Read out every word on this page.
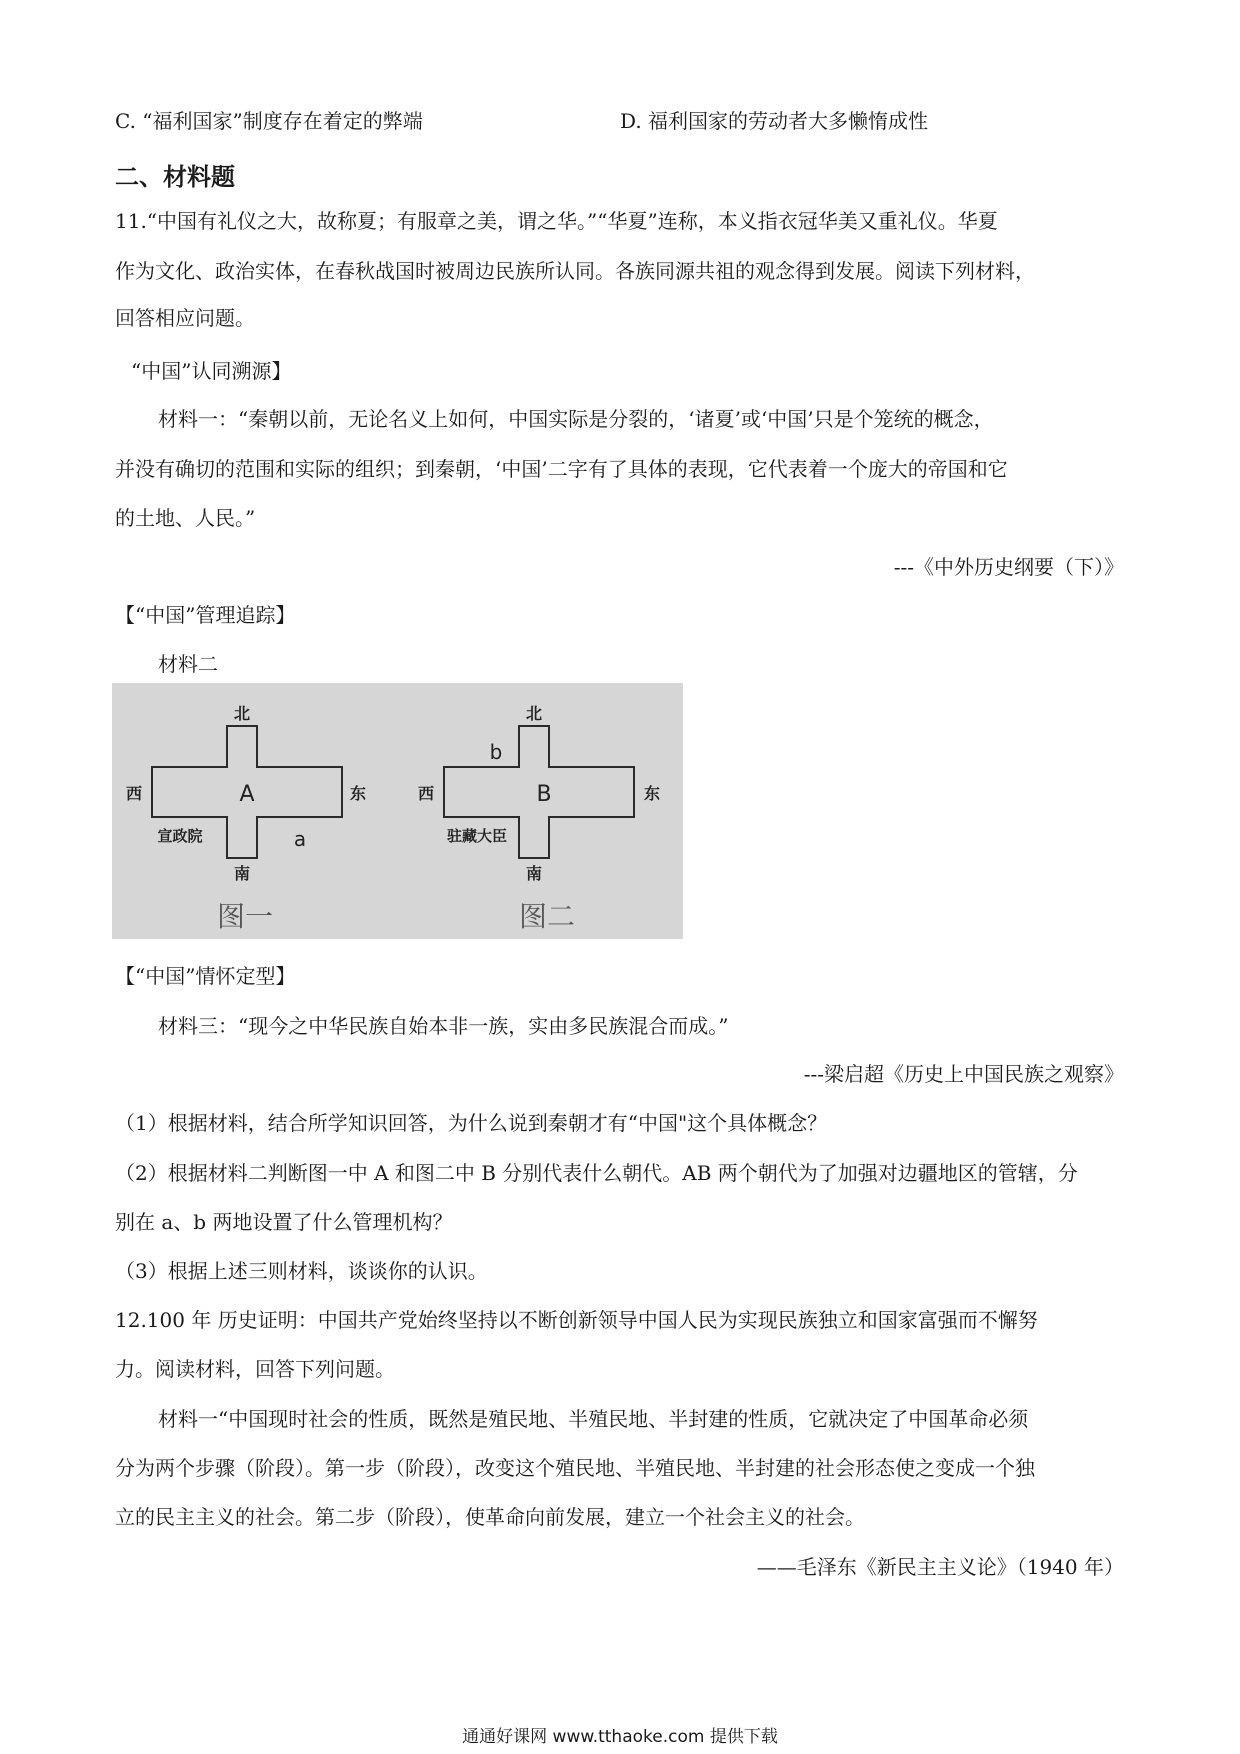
C. “福利国家”制度存在着定的弊端	D. 福利国家的劳动者大多懒惰成性
二、材料题
11.“中国有礼仪之大，故称夏；有服章之美，谓之华。”“华夏”连称，本义指衣冠华美又重礼仪。华夏
作为文化、政治实体，在春秋战国时被周边民族所认同。各族同源共祖的观念得到发展。阅读下列材料，
回答相应问题。
“中国”认同溯源】
材料一：“秦朝以前，无论名义上如何，中国实际是分裂的，‘诸夏’或‘中国’只是个笼统的概念，
并没有确切的范围和实际的组织；到秦朝，‘中国’二字有了具体的表现，它代表着一个庞大的帝国和它
的土地、人民。”
---《中外历史纲要（下）》
【“中国”管理追踪】
材料二
北
西	东
A
a
宣政院
南
图一
北
b
西	东
B
驻藏大臣
南
图二
【“中国”情怀定型】
材料三：“现今之中华民族自始本非一族，实由多民族混合而成。”
---梁启超《历史上中国民族之观察》
（1）根据材料，结合所学知识回答，为什么说到秦朝才有“中国"这个具体概念？
（2）根据材料二判断图一中 A 和图二中 B 分别代表什么朝代。AB 两个朝代为了加强对边疆地区的管辖，分
别在 a、b 两地设置了什么管理机构？
（3）根据上述三则材料，谈谈你的认识。
12.100 年 历史证明：中国共产党始终坚持以不断创新领导中国人民为实现民族独立和国家富强而不懈努
力。阅读材料，回答下列问题。
材料一“中国现时社会的性质，既然是殖民地、半殖民地、半封建的性质，它就决定了中国革命必须
分为两个步骤（阶段）。第一步（阶段），改变这个殖民地、半殖民地、半封建的社会形态使之变成一个独
立的民主主义的社会。第二步（阶段），使革命向前发展，建立一个社会主义的社会。
——毛泽东《新民主主义论》（1940 年）
通通好课网 www.tthaoke.com 提供下载
